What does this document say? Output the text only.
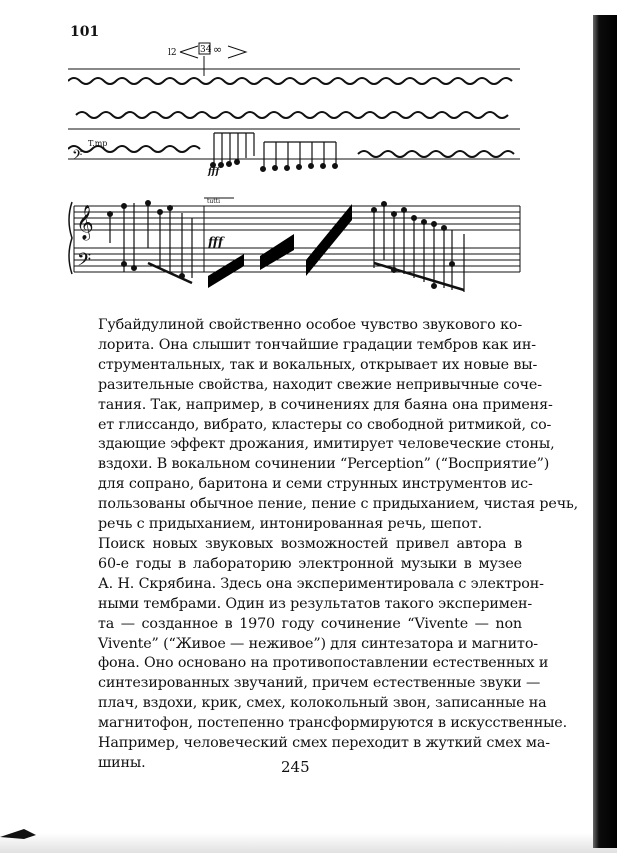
101
l2	34 ∞
T.mp
𝄢
fff
𝄞
𝄢
tutti
fff

Губайдулиной свойственно особое чувство звукового ко-
лорита. Она слышит тончайшие градации тембров как ин-
струментальных, так и вокальных, открывает их новые вы-
разительные свойства, находит свежие непривычные соче-
тания. Так, например, в сочинениях для баяна она применя-
ет глиссандо, вибрато, кластеры со свободной ритмикой, со-
здающие эффект дрожания, имитирует человеческие стоны,
вздохи. В вокальном сочинении “Perception” (“Восприятие”)
для сопрано, баритона и семи струнных инструментов ис-
пользованы обычное пение, пение с придыханием, чистая речь,
речь с придыханием, интонированная речь, шепот.

Поиск новых звуковых возможностей привел автора в
60-е годы в лабораторию электронной музыки в музее
А. Н. Скрябина. Здесь она экспериментировала с электрон-
ными тембрами. Один из результатов такого эксперимен-
та — созданное в 1970 году сочинение “Vivente — non
Vivente” (“Живое — неживое”) для синтезатора и магнито-
фона. Оно основано на противопоставлении естественных и
синтезированных звучаний, причем естественные звуки —
плач, вздохи, крик, смех, колокольный звон, записанные на
магнитофон, постепенно трансформируются в искусственные.
Например, человеческий смех переходит в жуткий смех ма-
шины.	245
